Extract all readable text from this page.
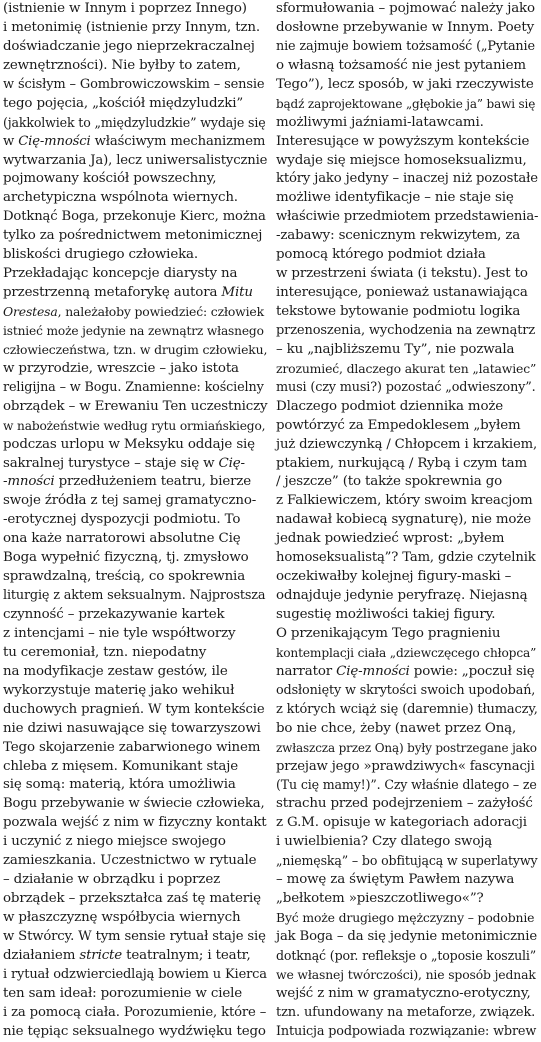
(istnienie w Innym i poprzez Innego)
i metonimię (istnienie przy Innym, tzn.
doświadczanie jego nieprzekraczalnej
zewnętrzności). Nie byłby to zatem,
w ścisłym – Gombrowiczowskim – sensie
tego pojęcia, „kościół międzyludzki”
(jakkolwiek to „międzyludzkie” wydaje się
w Cię-mności właściwym mechanizmem
wytwarzania Ja), lecz uniwersalistycznie
pojmowany kościół powszechny,
archetypiczna wspólnota wiernych.
Dotknąć Boga, przekonuje Kierc, można
tylko za pośrednictwem metonimicznej
bliskości drugiego człowieka.
Przekładając koncepcje diarysty na
przestrzenną metaforykę autora Mitu
Orestesa, należałoby powiedzieć: człowiek
istnieć może jedynie na zewnątrz własnego
człowieczeństwa, tzn. w drugim człowieku,
w przyrodzie, wreszcie – jako istota
religijna – w Bogu. Znamienne: kościelny
obrządek – w Erewaniu Ten uczestniczy
w nabożeństwie według rytu ormiańskiego,
podczas urlopu w Meksyku oddaje się
sakralnej turystyce – staje się w Cię-
-mności przedłużeniem teatru, bierze
swoje źródła z tej samej gramatyczno-
-erotycznej dyspozycji podmiotu. To
ona każe narratorowi absolutne Cię
Boga wypełnić fizyczną, tj. zmysłowo
sprawdzalną, treścią, co spokrewnia
liturgię z aktem seksualnym. Najprostsza
czynność – przekazywanie kartek
z intencjami – nie tyle współtworzy
tu ceremoniał, tzn. niepodatny
na modyfikacje zestaw gestów, ile
wykorzystuje materię jako wehikuł
duchowych pragnień. W tym kontekście
nie dziwi nasuwające się towarzyszowi
Tego skojarzenie zabarwionego winem
chleba z mięsem. Komunikant staje
się somą: materią, która umożliwia
Bogu przebywanie w świecie człowieka,
pozwala wejść z nim w fizyczny kontakt
i uczynić z niego miejsce swojego
zamieszkania. Uczestnictwo w rytuale
– działanie w obrządku i poprzez
obrządek – przekształca zaś tę materię
w płaszczyznę współbycia wiernych
w Stwórcy. W tym sensie rytuał staje się
działaniem stricte teatralnym; i teatr,
i rytuał odzwierciedlają bowiem u Kierca
ten sam ideał: porozumienie w ciele
i za pomocą ciała. Porozumienie, które –
nie tępiąc seksualnego wydźwięku tego
sformułowania – pojmować należy jako
dosłowne przebywanie w Innym. Poety
nie zajmuje bowiem tożsamość („Pytanie
o własną tożsamość nie jest pytaniem
Tego”), lecz sposób, w jaki rzeczywiste
bądź zaprojektowane „głębokie ja” bawi się
możliwymi jaźniami-latawcami.
Interesujące w powyższym kontekście
wydaje się miejsce homoseksualizmu,
który jako jedyny – inaczej niż pozostałe
możliwe identyfikacje – nie staje się
właściwie przedmiotem przedstawienia-
-zabawy: scenicznym rekwizytem, za
pomocą którego podmiot działa
w przestrzeni świata (i tekstu). Jest to
interesujące, ponieważ ustanawiająca
tekstowe bytowanie podmiotu logika
przenoszenia, wychodzenia na zewnątrz
– ku „najbliższemu Ty”, nie pozwala
zrozumieć, dlaczego akurat ten „latawiec”
musi (czy musi?) pozostać „odwieszony”.
Dlaczego podmiot dziennika może
powtórzyć za Empedoklesem „byłem
już dziewczynką / Chłopcem i krzakiem,
ptakiem, nurkującą / Rybą i czym tam
/ jeszcze” (to także spokrewnia go
z Falkiewiczem, który swoim kreacjom
nadawał kobiecą sygnaturę), nie może
jednak powiedzieć wprost: „byłem
homoseksualistą”? Tam, gdzie czytelnik
oczekiwałby kolejnej figury-maski –
odnajduje jedynie peryfrazę. Niejasną
sugestię możliwości takiej figury.
O przenikającym Tego pragnieniu
kontemplacji ciała „dziewczęcego chłopca”
narrator Cię-mności powie: „poczuł się
odsłonięty w skrytości swoich upodobań,
z których wciąż się (daremnie) tłumaczy,
bo nie chce, żeby (nawet przez Oną,
zwłaszcza przez Oną) były postrzegane jako
przejaw jego »prawdziwych« fascynacji
(Tu cię mamy!)”. Czy właśnie dlatego – ze
strachu przed podejrzeniem – zażyłość
z G.M. opisuje w kategoriach adoracji
i uwielbienia? Czy dlatego swoją
„niemęską” – bo obfitującą w superlatywy
– mowę za świętym Pawłem nazywa
„bełkotem »pieszczotliwego«”?
Być może drugiego mężczyzny – podobnie
jak Boga – da się jedynie metonimicznie
dotknąć (por. refleksje o „toposie koszuli”
we własnej twórczości), nie sposób jednak
wejść z nim w gramatyczno-erotyczny,
tzn. ufundowany na metaforze, związek.
Intuicja podpowiada rozwiązanie: wbrew
